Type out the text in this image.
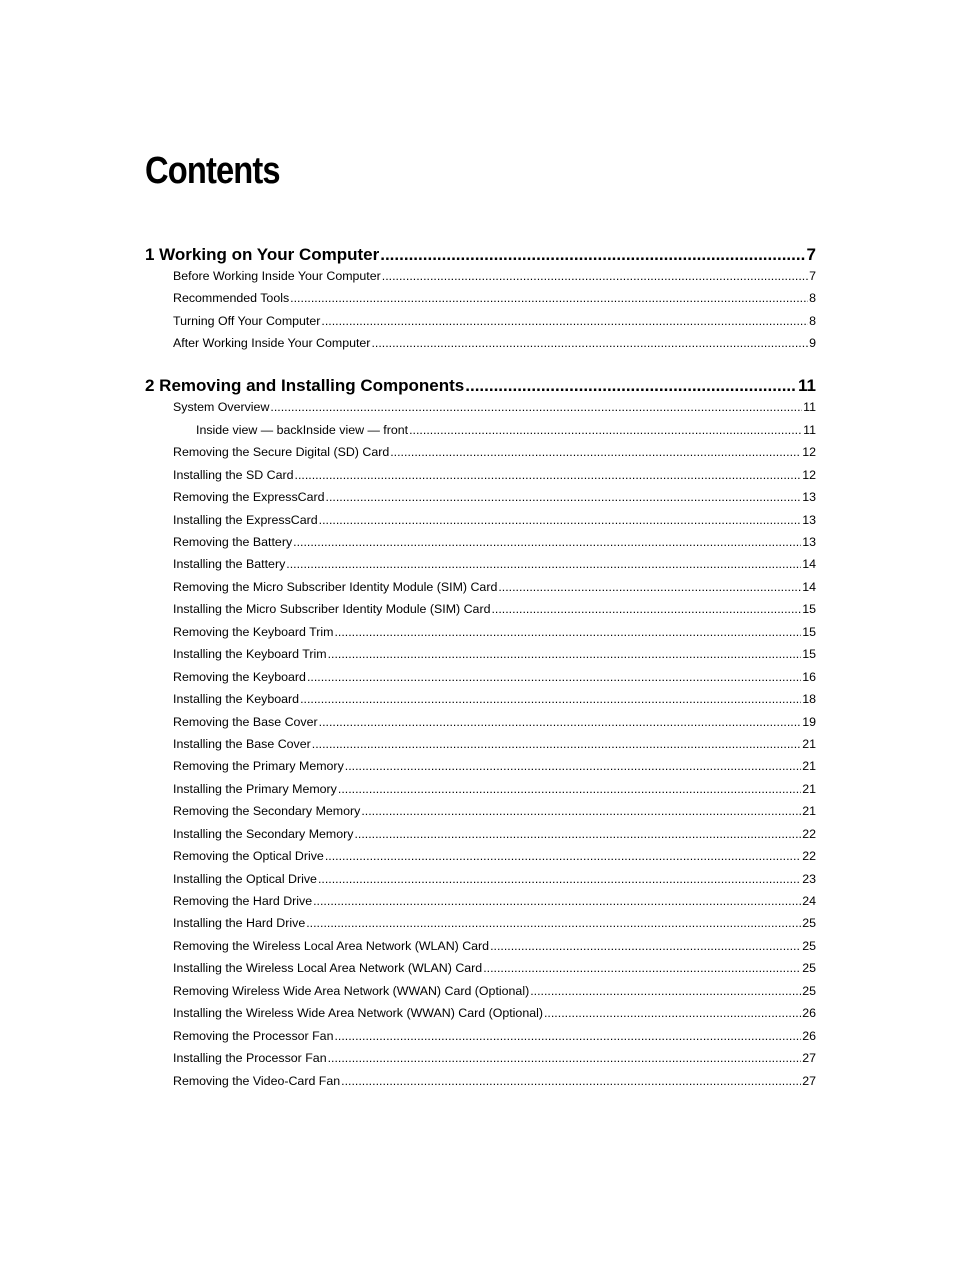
Contents
1 Working on Your Computer .....	7
Before Working Inside Your Computer .....	7
Recommended Tools .....	8
Turning Off Your Computer .....	8
After Working Inside Your Computer .....	9
2 Removing and Installing Components .....	11
System Overview .....	11
Inside view — backInside view — front .....	11
Removing the Secure Digital (SD) Card .....	12
Installing the SD Card .....	12
Removing the ExpressCard .....	13
Installing the ExpressCard .....	13
Removing the Battery .....	13
Installing the Battery .....	14
Removing the Micro Subscriber Identity Module (SIM) Card .....	14
Installing the Micro Subscriber Identity Module (SIM) Card .....	15
Removing the Keyboard Trim .....	15
Installing the Keyboard Trim .....	15
Removing the Keyboard .....	16
Installing the Keyboard .....	18
Removing the Base Cover .....	19
Installing the Base Cover .....	21
Removing the Primary Memory .....	21
Installing the Primary Memory .....	21
Removing the Secondary Memory .....	21
Installing the Secondary Memory .....	22
Removing the Optical Drive .....	22
Installing the Optical Drive .....	23
Removing the Hard Drive .....	24
Installing the Hard Drive .....	25
Removing the Wireless Local Area Network (WLAN) Card .....	25
Installing the Wireless Local Area Network (WLAN) Card .....	25
Removing Wireless Wide Area Network (WWAN) Card (Optional) .....	25
Installing the Wireless Wide Area Network (WWAN) Card (Optional) .....	26
Removing the Processor Fan .....	26
Installing the Processor Fan .....	27
Removing the Video-Card Fan .....	27
